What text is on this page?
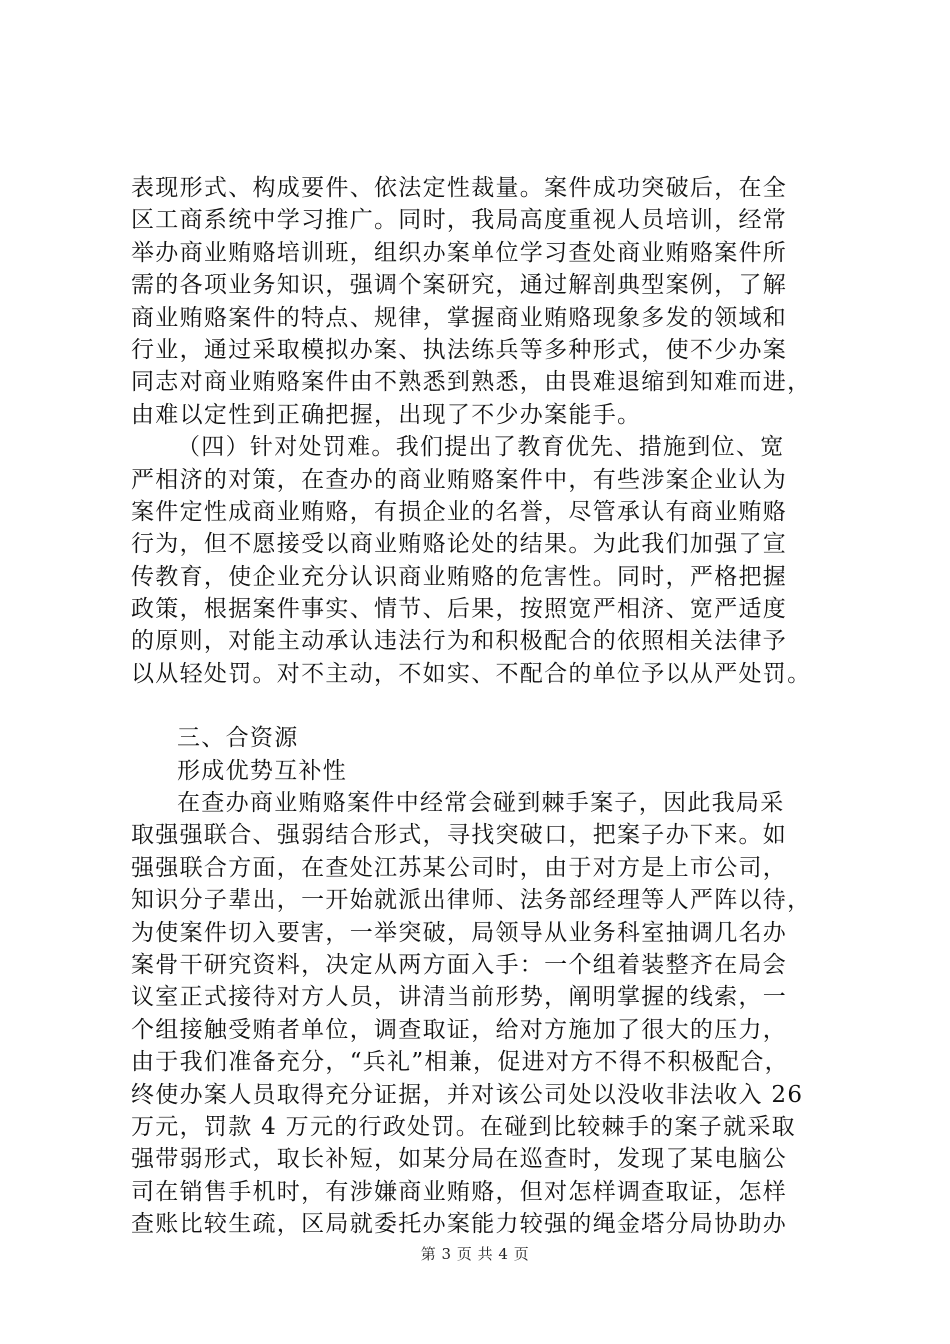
表现形式、构成要件、依法定性裁量。案件成功突破后，在全
区工商系统中学习推广。同时，我局高度重视人员培训，经常
举办商业贿赂培训班，组织办案单位学习查处商业贿赂案件所
需的各项业务知识，强调个案研究，通过解剖典型案例，了解
商业贿赂案件的特点、规律，掌握商业贿赂现象多发的领域和
行业，通过采取模拟办案、执法练兵等多种形式，使不少办案
同志对商业贿赂案件由不熟悉到熟悉，由畏难退缩到知难而进，
由难以定性到正确把握，出现了不少办案能手。
（四）针对处罚难。我们提出了教育优先、措施到位、宽
严相济的对策，在查办的商业贿赂案件中，有些涉案企业认为
案件定性成商业贿赂，有损企业的名誉，尽管承认有商业贿赂
行为，但不愿接受以商业贿赂论处的结果。为此我们加强了宣
传教育，使企业充分认识商业贿赂的危害性。同时，严格把握
政策，根据案件事实、情节、后果，按照宽严相济、宽严适度
的原则，对能主动承认违法行为和积极配合的依照相关法律予
以从轻处罚。对不主动，不如实、不配合的单位予以从严处罚。
三、合资源
形成优势互补性
在查办商业贿赂案件中经常会碰到棘手案子，因此我局采
取强强联合、强弱结合形式，寻找突破口，把案子办下来。如
强强联合方面，在查处江苏某公司时，由于对方是上市公司，
知识分子辈出，一开始就派出律师、法务部经理等人严阵以待，
为使案件切入要害，一举突破，局领导从业务科室抽调几名办
案骨干研究资料，决定从两方面入手：一个组着装整齐在局会
议室正式接待对方人员，讲清当前形势，阐明掌握的线索，一
个组接触受贿者单位，调查取证，给对方施加了很大的压力，
由于我们准备充分，“兵礼”相兼，促进对方不得不积极配合，
终使办案人员取得充分证据，并对该公司处以没收非法收入 26
万元，罚款 4 万元的行政处罚。在碰到比较棘手的案子就采取
强带弱形式，取长补短，如某分局在巡查时，发现了某电脑公
司在销售手机时，有涉嫌商业贿赂，但对怎样调查取证，怎样
查账比较生疏，区局就委托办案能力较强的绳金塔分局协助办
第 3 页 共 4 页
